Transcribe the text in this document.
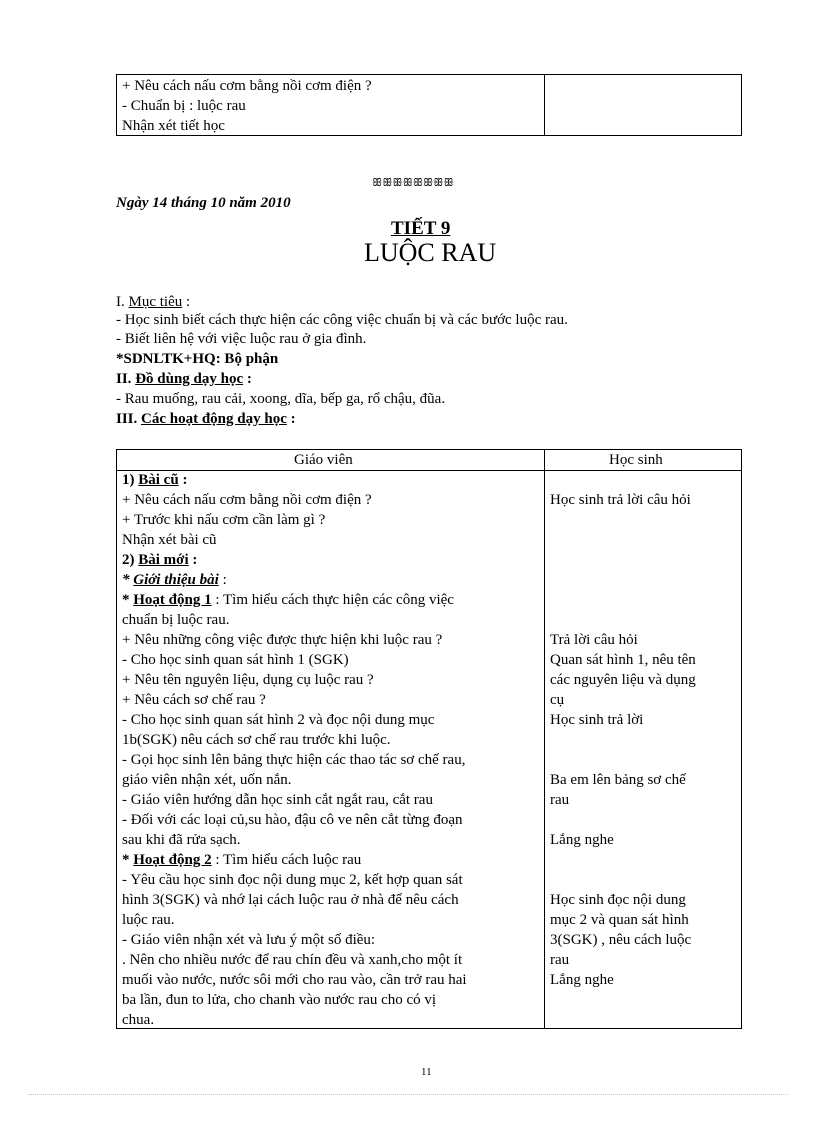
+ Nêu cách nấu cơm bằng nồi cơm điện ?
- Chuẩn bị : luộc rau
Nhận xét tiết học
ꕥꕥꕥꕥꕥꕥꕥꕥ
Ngày 14 tháng 10 năm 2010
TIẾT 9
LUỘC RAU
I. Mục tiêu :
- Học sinh biết cách thực hiện các công việc chuẩn bị và các bước luộc rau.
- Biết liên hệ với việc luộc rau ở gia đình.
*SDNLTK+HQ: Bộ phận
II. Đồ dùng dạy học :
- Rau muống, rau cải, xoong, dĩa, bếp ga, rổ chậu, đũa.
III. Các hoạt động dạy học :
Giáo viên	Học sinh
1) Bài cũ :
+ Nêu cách nấu cơm bằng nồi cơm điện ?
+ Trước khi nấu cơm cần làm gì ?
Nhận xét bài cũ
2) Bài mới :
* Giới thiệu bài :
* Hoạt động 1 : Tìm hiểu cách thực hiện các công việc
chuẩn bị luộc rau.
+ Nêu những công việc được thực hiện khi luộc rau ?
- Cho học sinh quan sát hình 1 (SGK)
+ Nêu tên nguyên liệu, dụng cụ luộc rau ?
+ Nêu cách sơ chế rau ?
- Cho học sinh quan sát hình 2 và đọc nội dung mục
1b(SGK) nêu cách sơ chế rau trước khi luộc.
- Gọi học sinh lên bảng thực hiện các thao tác sơ chế rau,
giáo viên nhận xét, uốn nắn.
- Giáo viên hướng dẫn học sinh cắt ngắt rau, cắt rau
- Đối với các loại củ,su hào, đậu cô ve nên cắt từng đoạn
sau khi đã rửa sạch.
* Hoạt động 2 : Tìm hiểu cách luộc rau
- Yêu cầu học sinh đọc nội dung mục 2, kết hợp quan sát
hình 3(SGK) và nhớ lại cách luộc rau ở nhà để nêu cách
luộc rau.
- Giáo viên nhận xét và lưu ý một số điều:
. Nên cho nhiều nước để rau chín đều và xanh,cho một ít
muối vào nước, nước sôi mới cho rau vào, cần trở rau hai
ba lần, đun to lửa, cho chanh vào nước rau cho có vị
chua.
Học sinh trả lời câu hỏi
Trả lời câu hỏi
Quan sát hình 1, nêu tên
các nguyên liệu và dụng
cụ
Học sinh trả lời
Ba em lên bảng sơ chế
rau
Lắng nghe
Học sinh đọc nội dung
mục 2 và quan sát hình
3(SGK) , nêu cách luộc
rau
Lắng nghe
11
